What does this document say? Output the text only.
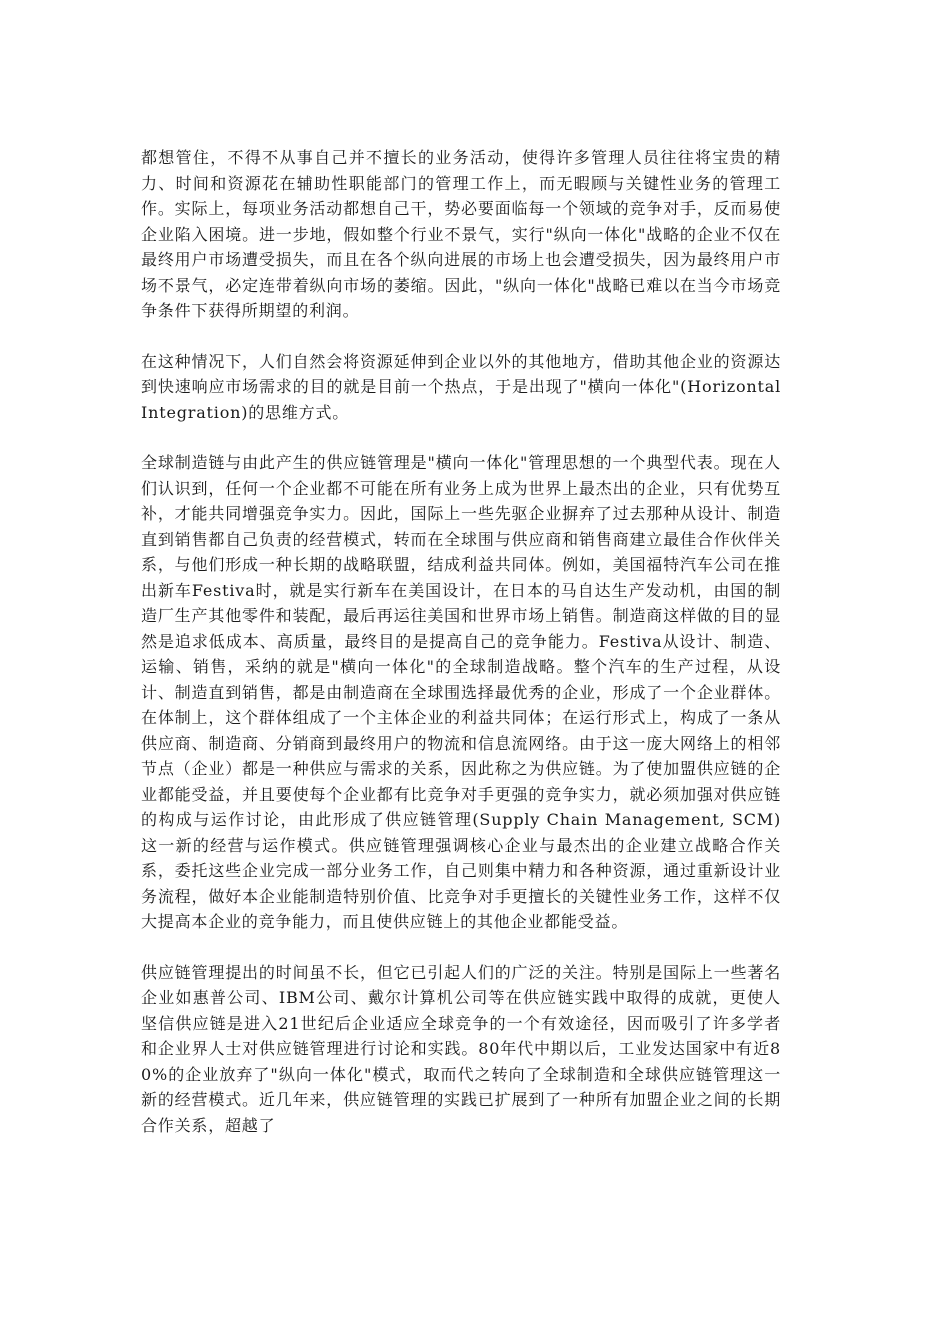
都想管住，不得不从事自己并不擅长的业务活动，使得许多管理人员往往将宝贵的精力、时间和资源花在辅助性职能部门的管理工作上，而无暇顾与关键性业务的管理工作。实际上，每项业务活动都想自己干，势必要面临每一个领域的竞争对手，反而易使企业陷入困境。进一步地，假如整个行业不景气，实行"纵向一体化"战略的企业不仅在最终用户市场遭受损失，而且在各个纵向进展的市场上也会遭受损失，因为最终用户市场不景气，必定连带着纵向市场的萎缩。因此，"纵向一体化"战略已难以在当今市场竞争条件下获得所期望的利润。

在这种情况下，人们自然会将资源延伸到企业以外的其他地方，借助其他企业的资源达到快速响应市场需求的目的就是目前一个热点，于是出现了"横向一体化"(Horizontal Integration)的思维方式。

全球制造链与由此产生的供应链管理是"横向一体化"管理思想的一个典型代表。现在人们认识到，任何一个企业都不可能在所有业务上成为世界上最杰出的企业，只有优势互补，才能共同增强竞争实力。因此，国际上一些先驱企业摒弃了过去那种从设计、制造直到销售都自己负责的经营模式，转而在全球围与供应商和销售商建立最佳合作伙伴关系，与他们形成一种长期的战略联盟，结成利益共同体。例如，美国福特汽车公司在推出新车Festiva时，就是实行新车在美国设计，在日本的马自达生产发动机，由国的制造厂生产其他零件和装配，最后再运往美国和世界市场上销售。制造商这样做的目的显然是追求低成本、高质量，最终目的是提高自己的竞争能力。Festiva从设计、制造、运输、销售，采纳的就是"横向一体化"的全球制造战略。整个汽车的生产过程，从设计、制造直到销售，都是由制造商在全球围选择最优秀的企业，形成了一个企业群体。在体制上，这个群体组成了一个主体企业的利益共同体；在运行形式上，构成了一条从供应商、制造商、分销商到最终用户的物流和信息流网络。由于这一庞大网络上的相邻节点（企业）都是一种供应与需求的关系，因此称之为供应链。为了使加盟供应链的企业都能受益，并且要使每个企业都有比竞争对手更强的竞争实力，就必须加强对供应链的构成与运作讨论，由此形成了供应链管理(Supply Chain Management, SCM)这一新的经营与运作模式。供应链管理强调核心企业与最杰出的企业建立战略合作关系，委托这些企业完成一部分业务工作，自己则集中精力和各种资源，通过重新设计业务流程，做好本企业能制造特别价值、比竞争对手更擅长的关键性业务工作，这样不仅大提高本企业的竞争能力，而且使供应链上的其他企业都能受益。

供应链管理提出的时间虽不长，但它已引起人们的广泛的关注。特别是国际上一些著名企业如惠普公司、IBM公司、戴尔计算机公司等在供应链实践中取得的成就，更使人坚信供应链是进入21世纪后企业适应全球竞争的一个有效途径，因而吸引了许多学者和企业界人士对供应链管理进行讨论和实践。80年代中期以后，工业发达国家中有近80%的企业放弃了"纵向一体化"模式，取而代之转向了全球制造和全球供应链管理这一新的经营模式。近几年来，供应链管理的实践已扩展到了一种所有加盟企业之间的长期合作关系，超越了
